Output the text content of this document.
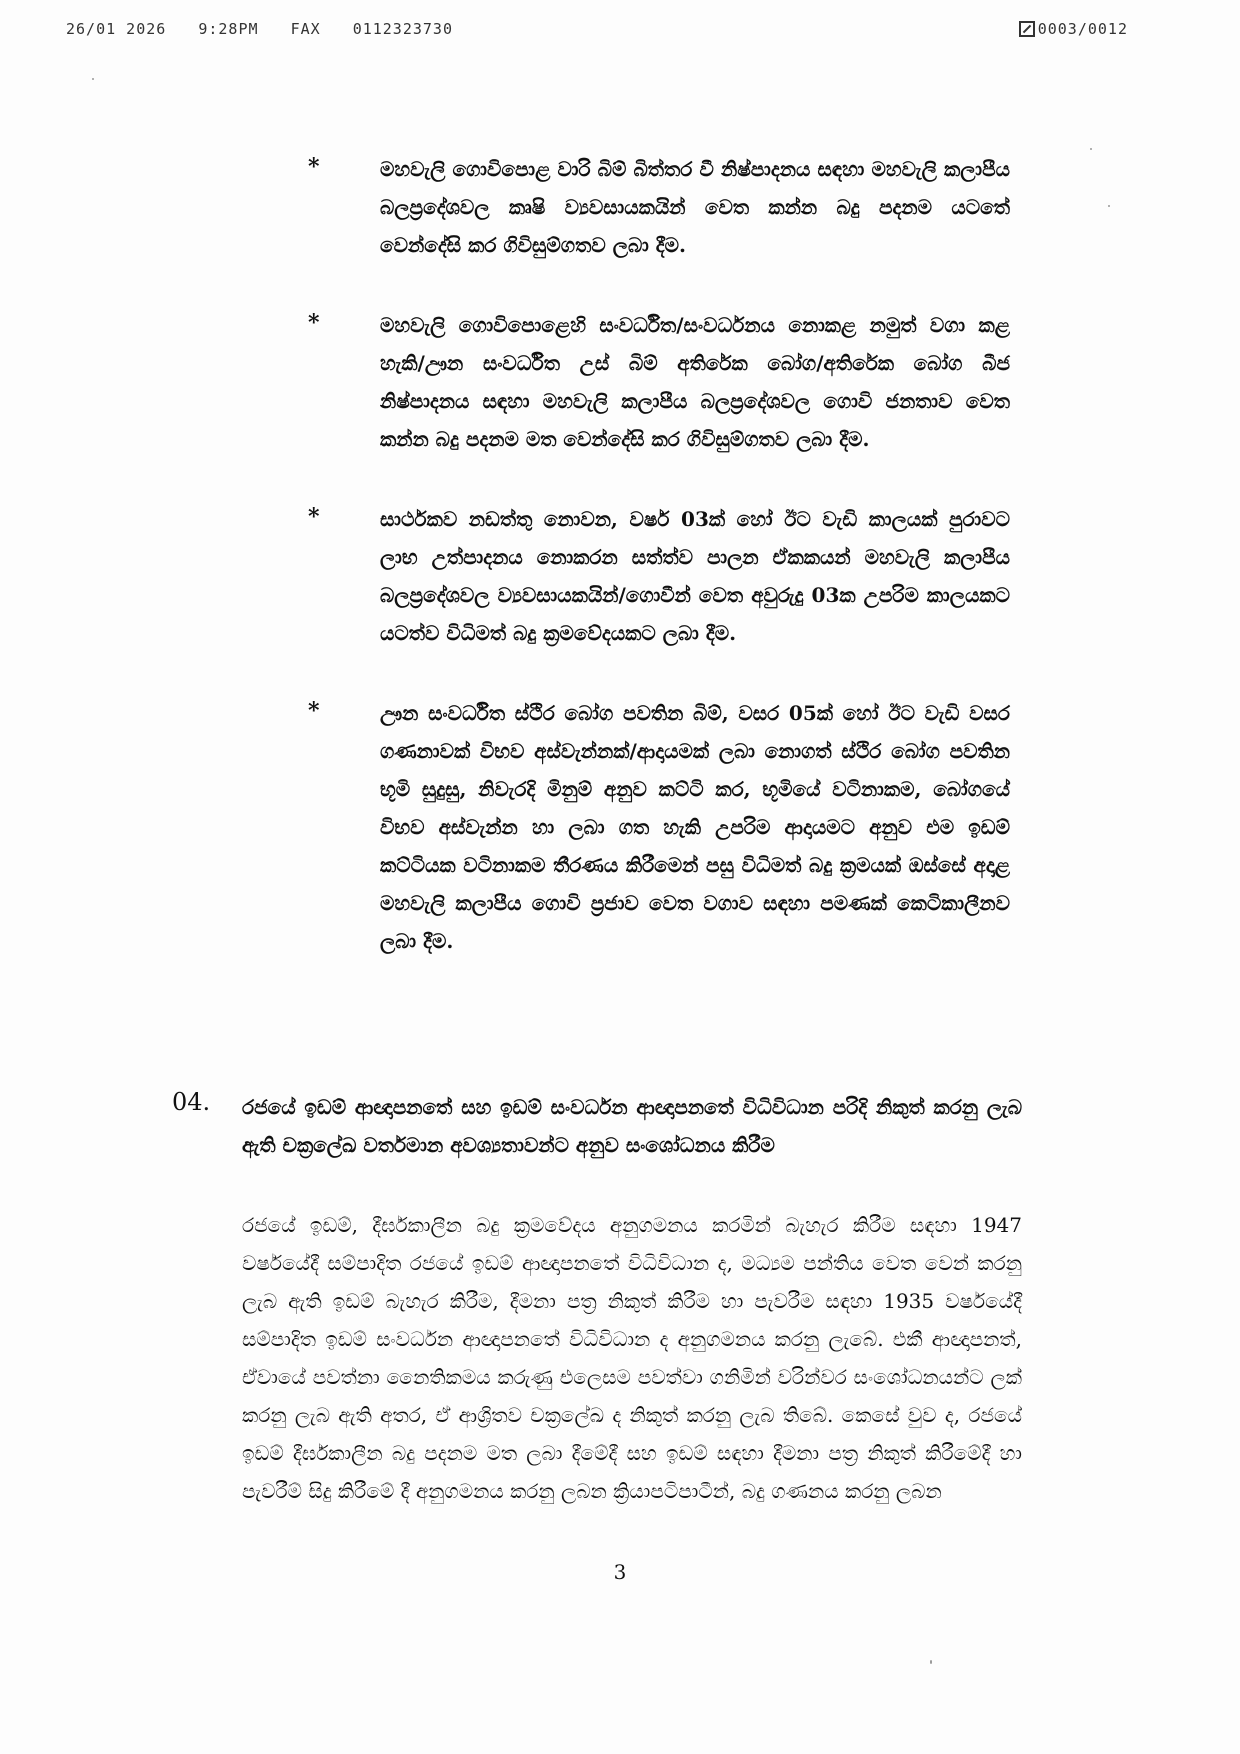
26/01 2026 9:28PM FAX 0112323730	0003/0012
*	මහවැලි ගොවිපොළ වාරි බිම් බිත්තර වී නිෂ්පාදනය සඳහා මහවැලි කලාපීය බලප්‍රදේශවල කෘෂි ව්‍යවසායකයින් වෙත කන්න බදු පදනම යටතේ වෙන්දේසි කර ගිවිසුම්ගතව ලබා දීම.
*	මහවැලි ගොවිපොළෙහි සංවර්ධිත/සංවර්ධනය නොකළ නමුත් වගා කළ හැකි/ඌන සංවර්ධිත උස් බිම් අතිරේක බෝග/අතිරේක බෝග බීජ නිෂ්පාදනය සඳහා මහවැලි කලාපීය බලප්‍රදේශවල ගොවි ජනතාව වෙත කන්න බදු පදනම මත වෙන්දේසි කර ගිවිසුම්ගතව ලබා දීම.
*	සාර්ථකව නඩත්තු නොවන, වර්ෂ 03ක් හෝ ඊට වැඩි කාලයක් පුරාවට ලාභ උත්පාදනය නොකරන සත්ත්ව පාලන ඒකකයන් මහවැලි කලාපීය බලප්‍රදේශවල ව්‍යවසායකයින්/ගොවීන් වෙත අවුරුදු 03ක උපරිම කාලයකට යටත්ව විධිමත් බදු ක්‍රමවේදයකට ලබා දීම.
*	ඌන සංවර්ධිත ස්ථිර බෝග පවතින බිම්, වසර 05ක් හෝ ඊට වැඩි වසර ගණනාවක් විභව අස්වැන්නක්/ආදායමක් ලබා නොගත් ස්ථිර බෝග පවතින භූමි සුදුසු, නිවැරදි මිනුම් අනුව කට්ටි කර, භූමියේ වටිනාකම, බෝගයේ විභව අස්වැන්න හා ලබා ගත හැකි උපරිම ආදායමට අනුව එම ඉඩම් කට්ටියක වටිනාකම තීරණය කිරීමෙන් පසු විධිමත් බදු ක්‍රමයක් ඔස්සේ අදාළ මහවැලි කලාපීය ගොවි ප්‍රජාව වෙත වගාව සඳහා පමණක් කෙටිකාලීනව ලබා දීම.
04. රජයේ ඉඩම් ආඥාපනතේ සහ ඉඩම් සංවර්ධන ආඥාපනතේ විධිවිධාන පරිදි නිකුත් කරනු ලැබ ඇති චක්‍රලේඛ වර්තමාන අවශ්‍යතාවන්ට අනුව සංශෝධනය කිරීම
රජයේ ඉඩම්, දීර්ඝකාලීන බදු ක්‍රමවේදය අනුගමනය කරමින් බැහැර කිරීම සඳහා 1947 වර්ෂයේදී සම්පාදිත රජයේ ඉඩම් ආඥාපනතේ විධිවිධාන ද, මධ්‍යම පන්තිය වෙත වෙන් කරනු ලැබ ඇති ඉඩම් බැහැර කිරීම, දීමනා පත්‍ර නිකුත් කිරීම හා පැවරීම සඳහා 1935 වර්ෂයේදී සම්පාදිත ඉඩම් සංවර්ධන ආඥාපනතේ විධිවිධාන ද අනුගමනය කරනු ලැබේ. එකී ආඥාපනත්, ඒවායේ පවත්නා නෛතිකමය කරුණු එලෙසම පවත්වා ගනිමින් වරින්වර සංශෝධනයන්ට ලක් කරනු ලැබ ඇති අතර, ඒ ආශ්‍රිතව චක්‍රලේඛ ද නිකුත් කරනු ලැබ තිබේ. කෙසේ වුව ද, රජයේ ඉඩම් දීර්ඝකාලීන බදු පදනම මත ලබා දීමේදී සහ ඉඩම් සඳහා දීමනා පත්‍ර නිකුත් කිරීමේදී හා පැවරීම් සිදු කිරීමේ දී අනුගමනය කරනු ලබන ක්‍රියාපටිපාටීන්, බදු ගණනය කරනු ලබන
3
